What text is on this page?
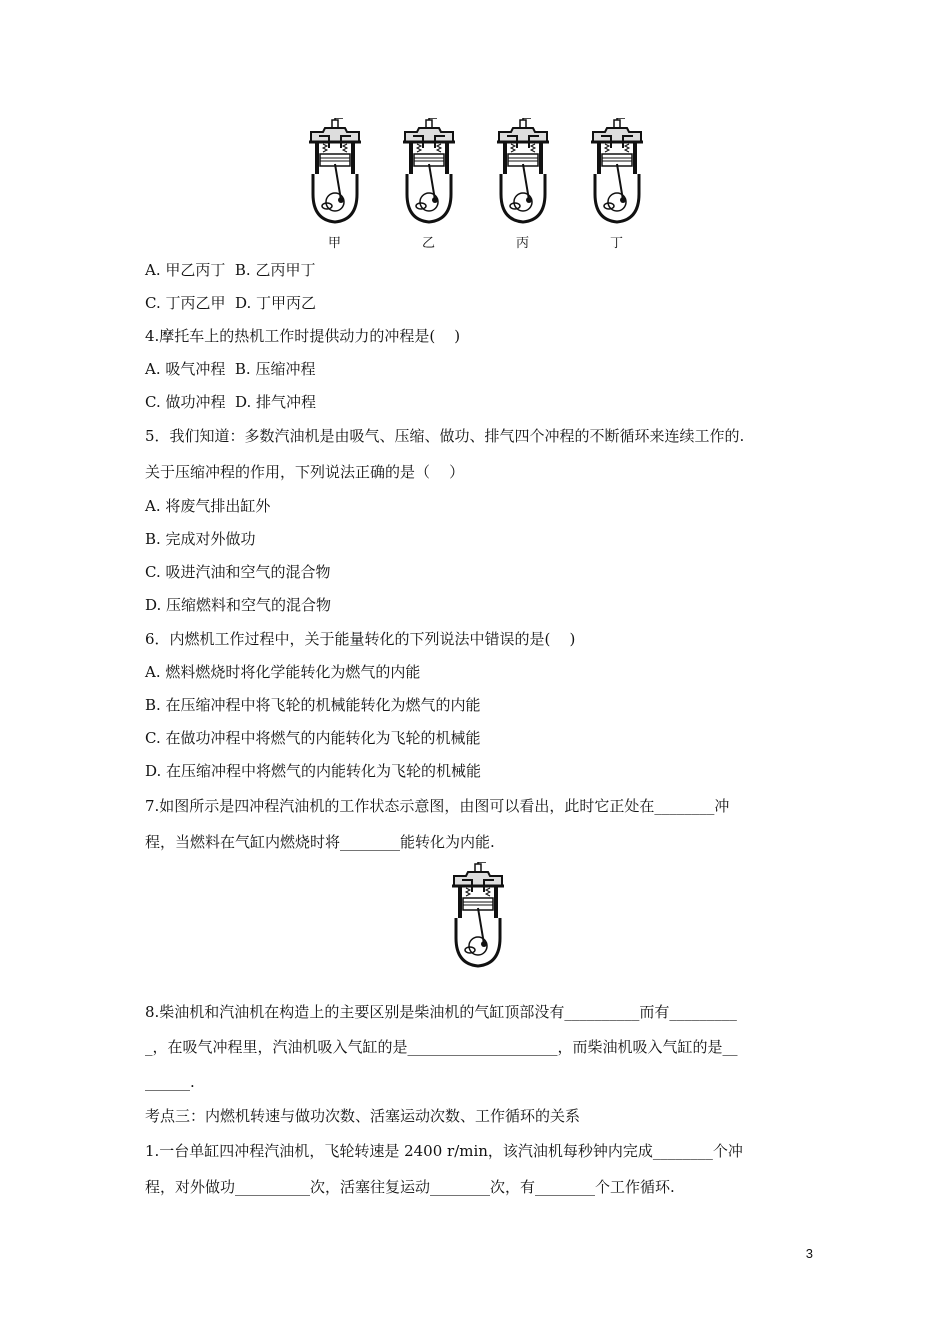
甲	乙	丙	丁
A. 甲乙丙丁  B. 乙丙甲丁
C. 丁丙乙甲  D. 丁甲丙乙
4.摩托车上的热机工作时提供动力的冲程是(    )
A. 吸气冲程  B. 压缩冲程
C. 做功冲程  D. 排气冲程
5．我们知道：多数汽油机是由吸气、压缩、做功、排气四个冲程的不断循环来连续工作的.
关于压缩冲程的作用，下列说法正确的是（    ）
A. 将废气排出缸外
B. 完成对外做功
C. 吸进汽油和空气的混合物
D. 压缩燃料和空气的混合物
6．内燃机工作过程中，关于能量转化的下列说法中错误的是(    )
A. 燃料燃烧时将化学能转化为燃气的内能
B. 在压缩冲程中将飞轮的机械能转化为燃气的内能
C. 在做功冲程中将燃气的内能转化为飞轮的机械能
D. 在压缩冲程中将燃气的内能转化为飞轮的机械能
7.如图所示是四冲程汽油机的工作状态示意图，由图可以看出，此时它正处在________冲
程，当燃料在气缸内燃烧时将________能转化为内能.
8.柴油机和汽油机在构造上的主要区别是柴油机的气缸顶部没有__________而有_________
_，在吸气冲程里，汽油机吸入气缸的是____________________，而柴油机吸入气缸的是__
______.
考点三：内燃机转速与做功次数、活塞运动次数、工作循环的关系
1.一台单缸四冲程汽油机，飞轮转速是 2400 r/min，该汽油机每秒钟内完成________个冲
程，对外做功__________次，活塞往复运动________次，有________个工作循环.
3
